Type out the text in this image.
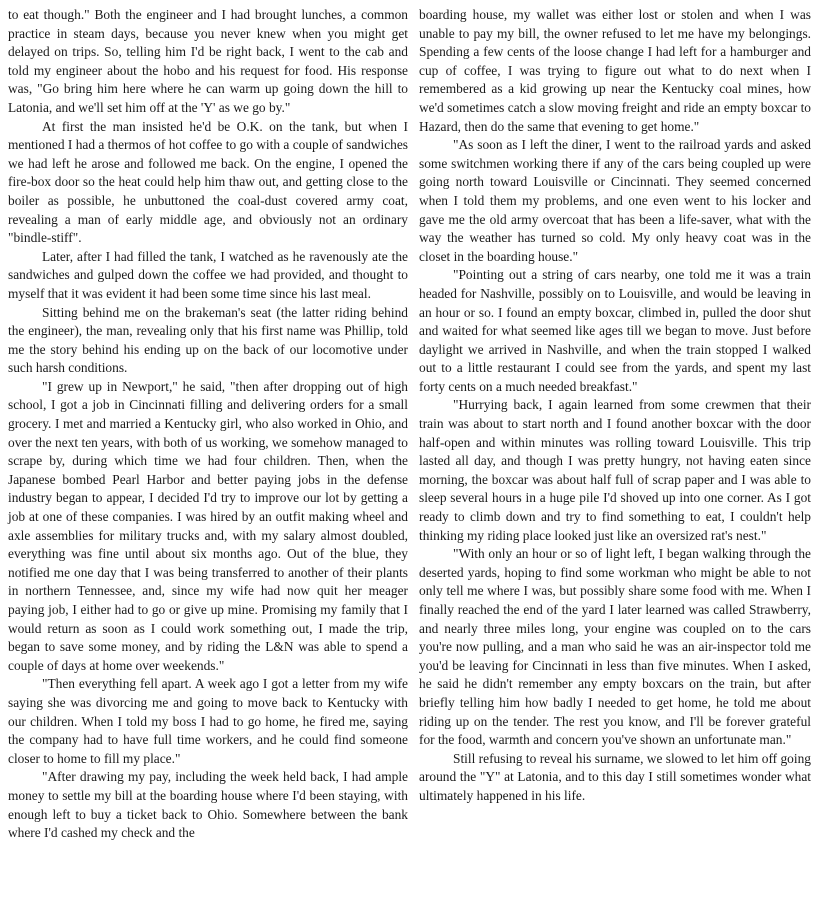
to eat though." Both the engineer and I had brought lunches, a common practice in steam days, because you never knew when you might get delayed on trips. So, telling him I'd be right back, I went to the cab and told my engineer about the hobo and his request for food. His response was, "Go bring him here where he can warm up going down the hill to Latonia, and we'll set him off at the 'Y' as we go by."

At first the man insisted he'd be O.K. on the tank, but when I mentioned I had a thermos of hot coffee to go with a couple of sandwiches we had left he arose and followed me back. On the engine, I opened the fire-box door so the heat could help him thaw out, and getting close to the boiler as possible, he unbuttoned the coal-dust covered army coat, revealing a man of early middle age, and obviously not an ordinary "bindle-stiff".

Later, after I had filled the tank, I watched as he ravenously ate the sandwiches and gulped down the coffee we had provided, and thought to myself that it was evident it had been some time since his last meal.

Sitting behind me on the brakeman's seat (the latter riding behind the engineer), the man, revealing only that his first name was Phillip, told me the story behind his ending up on the back of our locomotive under such harsh conditions.

"I grew up in Newport," he said, "then after dropping out of high school, I got a job in Cincinnati filling and delivering orders for a small grocery. I met and married a Kentucky girl, who also worked in Ohio, and over the next ten years, with both of us working, we somehow managed to scrape by, during which time we had four children. Then, when the Japanese bombed Pearl Harbor and better paying jobs in the defense industry began to appear, I decided I'd try to improve our lot by getting a job at one of these companies. I was hired by an outfit making wheel and axle assemblies for military trucks and, with my salary almost doubled, everything was fine until about six months ago. Out of the blue, they notified me one day that I was being transferred to another of their plants in northern Tennessee, and, since my wife had now quit her meager paying job, I either had to go or give up mine. Promising my family that I would return as soon as I could work something out, I made the trip, began to save some money, and by riding the L&N was able to spend a couple of days at home over weekends."

"Then everything fell apart. A week ago I got a letter from my wife saying she was divorcing me and going to move back to Kentucky with our children. When I told my boss I had to go home, he fired me, saying the company had to have full time workers, and he could find someone closer to home to fill my place."

"After drawing my pay, including the week held back, I had ample money to settle my bill at the boarding house where I'd been staying, with enough left to buy a ticket back to Ohio. Somewhere between the bank where I'd cashed my check and the

boarding house, my wallet was either lost or stolen and when I was unable to pay my bill, the owner refused to let me have my belongings. Spending a few cents of the loose change I had left for a hamburger and cup of coffee, I was trying to figure out what to do next when I remembered as a kid growing up near the Kentucky coal mines, how we'd sometimes catch a slow moving freight and ride an empty boxcar to Hazard, then do the same that evening to get home."

"As soon as I left the diner, I went to the railroad yards and asked some switchmen working there if any of the cars being coupled up were going north toward Louisville or Cincinnati. They seemed concerned when I told them my problems, and one even went to his locker and gave me the old army overcoat that has been a life-saver, what with the way the weather has turned so cold. My only heavy coat was in the closet in the boarding house."

"Pointing out a string of cars nearby, one told me it was a train headed for Nashville, possibly on to Louisville, and would be leaving in an hour or so. I found an empty boxcar, climbed in, pulled the door shut and waited for what seemed like ages till we began to move. Just before daylight we arrived in Nashville, and when the train stopped I walked out to a little restaurant I could see from the yards, and spent my last forty cents on a much needed breakfast."

"Hurrying back, I again learned from some crewmen that their train was about to start north and I found another boxcar with the door half-open and within minutes was rolling toward Louisville. This trip lasted all day, and though I was pretty hungry, not having eaten since morning, the boxcar was about half full of scrap paper and I was able to sleep several hours in a huge pile I'd shoved up into one corner. As I got ready to climb down and try to find something to eat, I couldn't help thinking my riding place looked just like an oversized rat's nest."

"With only an hour or so of light left, I began walking through the deserted yards, hoping to find some workman who might be able to not only tell me where I was, but possibly share some food with me. When I finally reached the end of the yard I later learned was called Strawberry, and nearly three miles long, your engine was coupled on to the cars you're now pulling, and a man who said he was an air-inspector told me you'd be leaving for Cincinnati in less than five minutes. When I asked, he said he didn't remember any empty boxcars on the train, but after briefly telling him how badly I needed to get home, he told me about riding up on the tender. The rest you know, and I'll be forever grateful for the food, warmth and concern you've shown an unfortunate man."

Still refusing to reveal his surname, we slowed to let him off going around the "Y" at Latonia, and to this day I still sometimes wonder what ultimately happened in his life.
